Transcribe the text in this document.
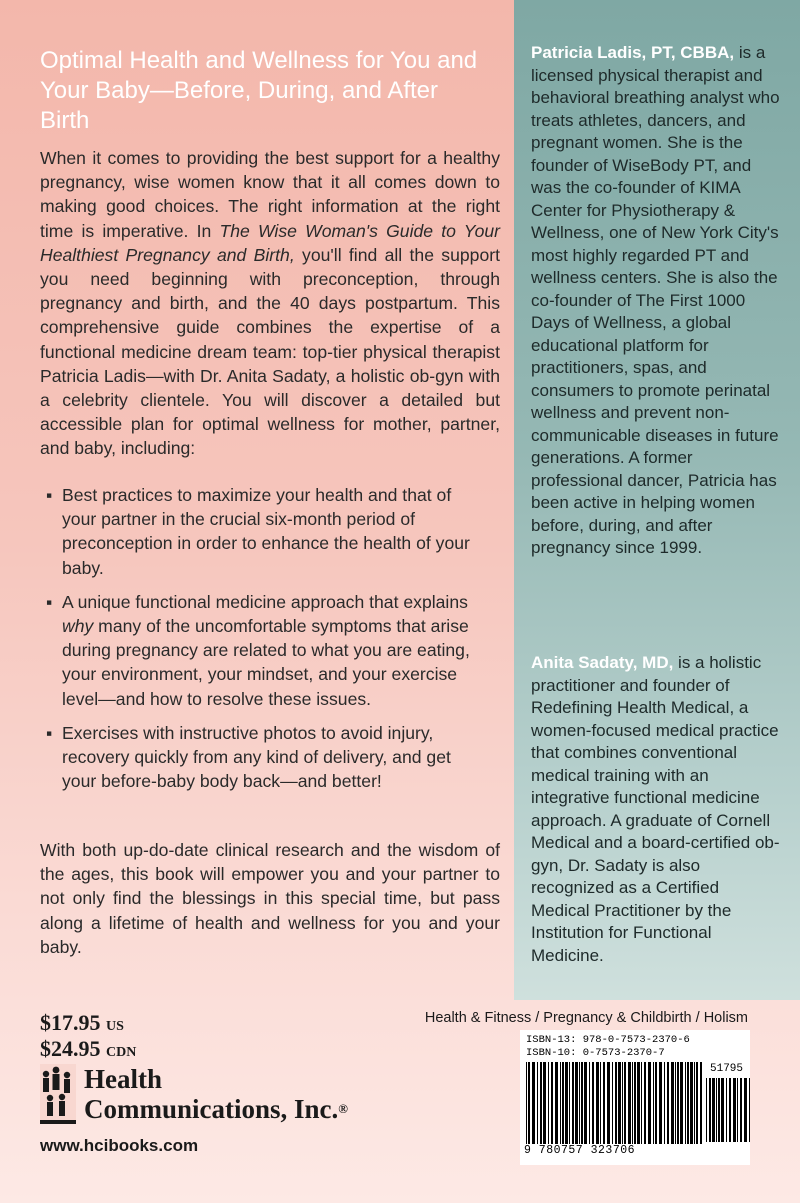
Optimal Health and Wellness for You and Your Baby—Before, During, and After Birth

When it comes to providing the best support for a healthy pregnancy, wise women know that it all comes down to making good choices. The right information at the right time is imperative. In The Wise Woman's Guide to Your Healthiest Pregnancy and Birth, you'll find all the support you need beginning with preconception, through pregnancy and birth, and the 40 days postpartum. This comprehensive guide combines the expertise of a functional medicine dream team: top-tier physical therapist Patricia Ladis—with Dr. Anita Sadaty, a holistic ob-gyn with a celebrity clientele. You will discover a detailed but accessible plan for optimal wellness for mother, partner, and baby, including:

▪ Best practices to maximize your health and that of your partner in the crucial six-month period of preconception in order to enhance the health of your baby.
▪ A unique functional medicine approach that explains why many of the uncomfortable symptoms that arise during pregnancy are related to what you are eating, your environment, your mindset, and your exercise level—and how to resolve these issues.
▪ Exercises with instructive photos to avoid injury, recovery quickly from any kind of delivery, and get your before-baby body back—and better!

With both up-do-date clinical research and the wisdom of the ages, this book will empower you and your partner to not only find the blessings in this special time, but pass along a lifetime of health and wellness for you and your baby.

Patricia Ladis, PT, CBBA, is a licensed physical therapist and behavioral breathing analyst who treats athletes, dancers, and pregnant women. She is the founder of WiseBody PT, and was the co-founder of KIMA Center for Physiotherapy & Wellness, one of New York City's most highly regarded PT and wellness centers. She is also the co-founder of The First 1000 Days of Wellness, a global educational platform for practitioners, spas, and consumers to promote perinatal wellness and prevent non-communicable diseases in future generations. A former professional dancer, Patricia has been active in helping women before, during, and after pregnancy since 1999.
Anita Sadaty, MD, is a holistic practitioner and founder of Redefining Health Medical, a women-focused medical practice that combines conventional medical training with an integrative functional medicine approach. A graduate of Cornell Medical and a board-certified ob-gyn, Dr. Sadaty is also recognized as a Certified Medical Practitioner by the Institution for Functional Medicine.
$17.95 US
$24.95 CDN
Health
Communications, Inc.®
www.hcibooks.com
Health & Fitness / Pregnancy & Childbirth / Holism
ISBN-13: 978-0-7573-2370-6
ISBN-10: 0-7573-2370-7
51795
9 780757 323706
